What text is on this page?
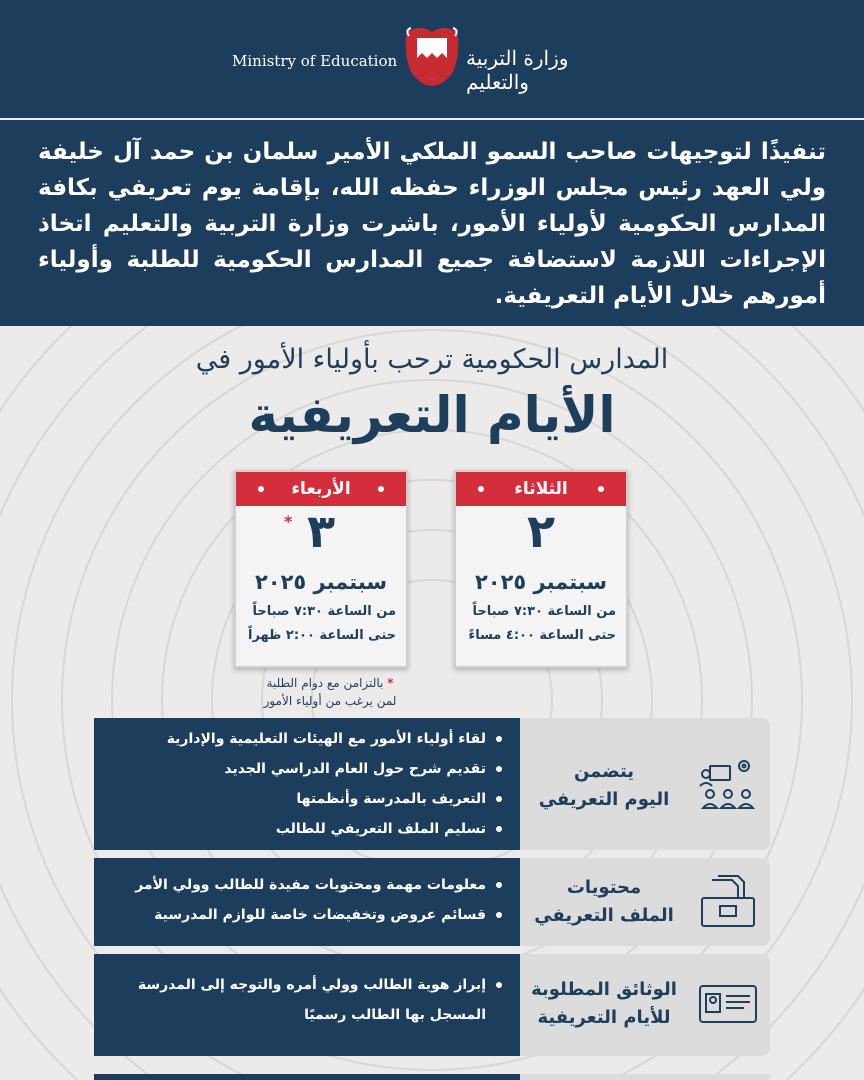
Ministry of Education	وزارة التربية والتعليم

تنفيذًا لتوجيهات صاحب السمو الملكي الأمير سلمان بن حمد آل خليفة ولي العهد رئيس مجلس الوزراء حفظه الله، بإقامة يوم تعريفي بكافة المدارس الحكومية لأولياء الأمور، باشرت وزارة التربية والتعليم اتخاذ الإجراءات اللازمة لاستضافة جميع المدارس الحكومية للطلبة وأولياء أمورهم خلال الأيام التعريفية.

المدارس الحكومية ترحب بأولياء الأمور في
الأيام التعريفية
الثلاثاء
٢
سبتمبر ٢٠٢٥
من الساعة ٧:٣٠ صباحاً
حتى الساعة ٤:٠٠ مساءً
الأربعاء
٣
*
سبتمبر ٢٠٢٥
من الساعة ٧:٣٠ صباحاً
حتى الساعة ٢:٠٠ ظهراً
* بالتزامن مع دوام الطلبة
لمن يرغب من أولياء الأمور
لقاء أولياء الأمور مع الهيئات التعليمية والإدارية
تقديم شرح حول العام الدراسي الجديد
التعريف بالمدرسة وأنظمتها
تسليم الملف التعريفي للطالب
يتضمن
اليوم التعريفي
معلومات مهمة ومحتويات مفيدة للطالب وولي الأمر
قسائم عروض وتخفيضات خاصة للوازم المدرسية
محتويات
الملف التعريفي
إبراز هوية الطالب وولي أمره والتوجه إلى المدرسة
المسجل بها الطالب رسميًا
الوثائق المطلوبة
للأيام التعريفية
